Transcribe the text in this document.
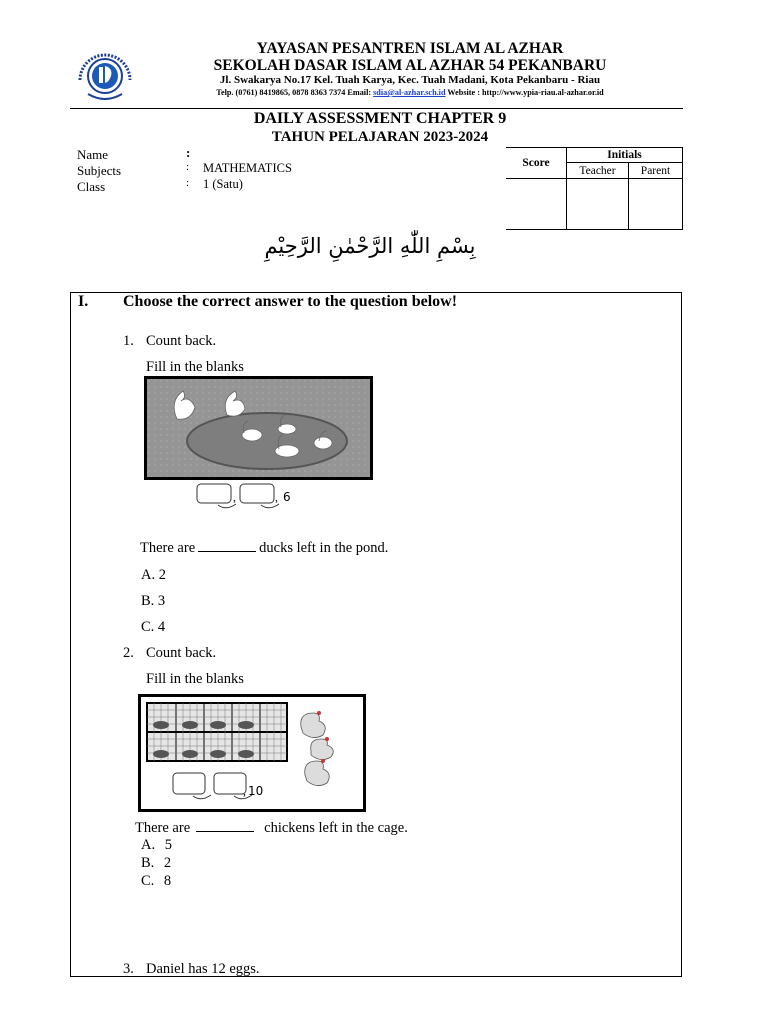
YAYASAN PESANTREN ISLAM AL AZHAR
SEKOLAH DASAR ISLAM AL AZHAR 54 PEKANBARU
Jl. Swakarya No.17 Kel. Tuah Karya, Kec. Tuah Madani, Kota Pekanbaru - Riau
Telp. (0761) 8419865, 0878 8363 7374 Email: sdia@al-azhar.sch.id Website : http://www.ypia-riau.al-azhar.or.id
DAILY ASSESSMENT CHAPTER 9
TAHUN PELAJARAN 2023-2024
Name	:
Subjects	: MATHEMATICS
Class	: 1 (Satu)
Score	Initials	
	Teacher	Parent

بِسْمِ اللّٰهِ الرَّحْمٰنِ الرَّحِيْمِ
I. Choose the correct answer to the question below!
1. Count back.
Fill in the blanks
6
,	,
There are	ducks left in the pond.
A. 2
B. 3
C. 4
2. Count back.
Fill in the blanks
10
,
There are	chickens left in the cage.
A. 5
B. 2
C. 8
3. Daniel has 12 eggs.
